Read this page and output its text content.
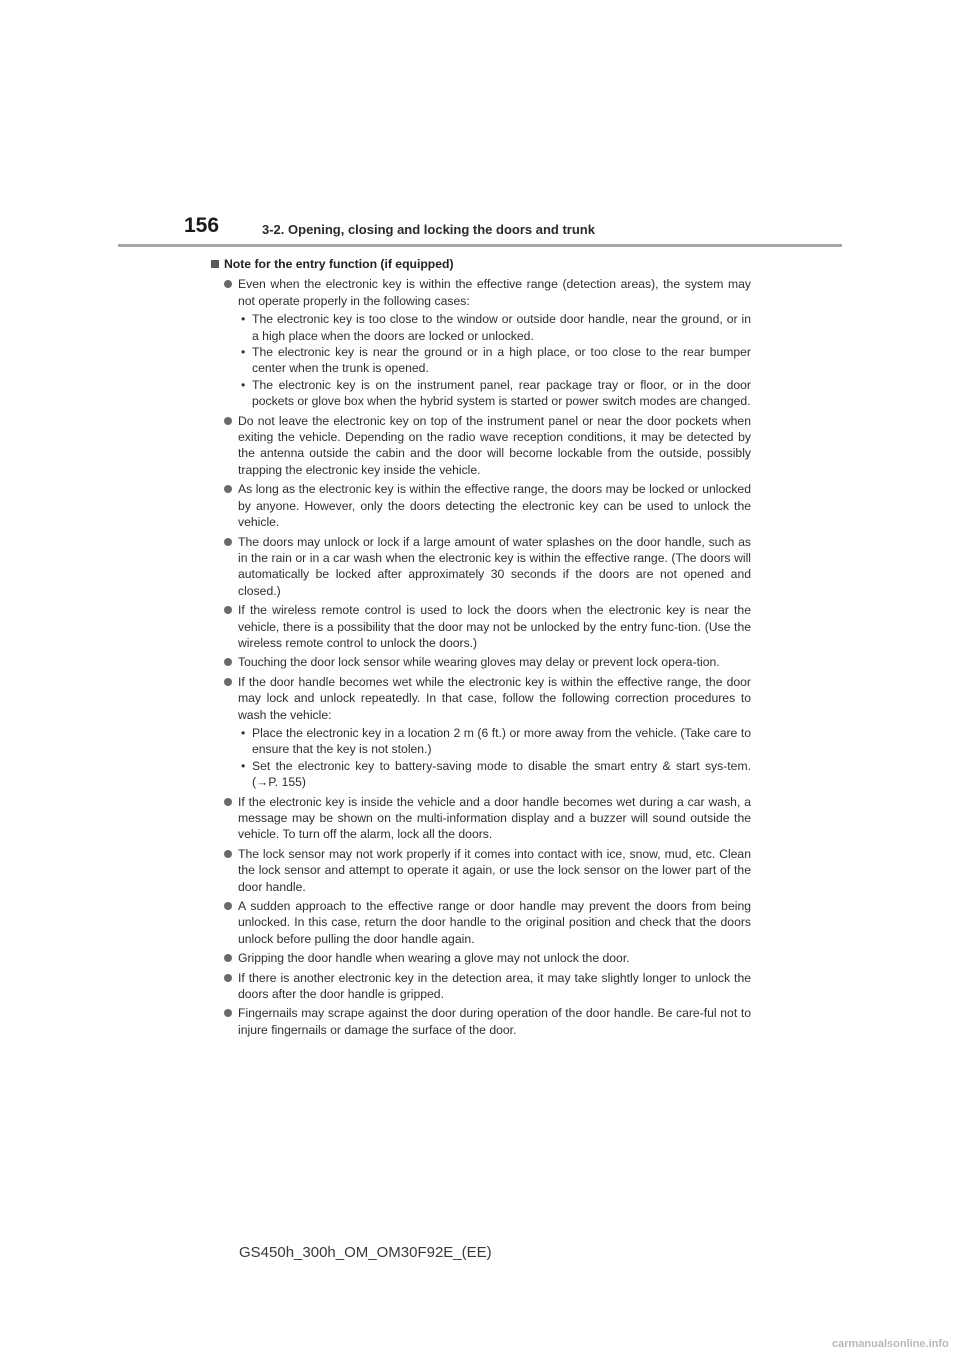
156	3-2. Opening, closing and locking the doors and trunk
Note for the entry function (if equipped)
Even when the electronic key is within the effective range (detection areas), the system may not operate properly in the following cases:
• The electronic key is too close to the window or outside door handle, near the ground, or in a high place when the doors are locked or unlocked.
• The electronic key is near the ground or in a high place, or too close to the rear bumper center when the trunk is opened.
• The electronic key is on the instrument panel, rear package tray or floor, or in the door pockets or glove box when the hybrid system is started or power switch modes are changed.
Do not leave the electronic key on top of the instrument panel or near the door pockets when exiting the vehicle. Depending on the radio wave reception conditions, it may be detected by the antenna outside the cabin and the door will become lockable from the outside, possibly trapping the electronic key inside the vehicle.
As long as the electronic key is within the effective range, the doors may be locked or unlocked by anyone. However, only the doors detecting the electronic key can be used to unlock the vehicle.
The doors may unlock or lock if a large amount of water splashes on the door handle, such as in the rain or in a car wash when the electronic key is within the effective range. (The doors will automatically be locked after approximately 30 seconds if the doors are not opened and closed.)
If the wireless remote control is used to lock the doors when the electronic key is near the vehicle, there is a possibility that the door may not be unlocked by the entry func-tion. (Use the wireless remote control to unlock the doors.)
Touching the door lock sensor while wearing gloves may delay or prevent lock opera-tion.
If the door handle becomes wet while the electronic key is within the effective range, the door may lock and unlock repeatedly. In that case, follow the following correction procedures to wash the vehicle:
• Place the electronic key in a location 2 m (6 ft.) or more away from the vehicle. (Take care to ensure that the key is not stolen.)
• Set the electronic key to battery-saving mode to disable the smart entry & start sys-tem. (→P. 155)
If the electronic key is inside the vehicle and a door handle becomes wet during a car wash, a message may be shown on the multi-information display and a buzzer will sound outside the vehicle. To turn off the alarm, lock all the doors.
The lock sensor may not work properly if it comes into contact with ice, snow, mud, etc. Clean the lock sensor and attempt to operate it again, or use the lock sensor on the lower part of the door handle.
A sudden approach to the effective range or door handle may prevent the doors from being unlocked. In this case, return the door handle to the original position and check that the doors unlock before pulling the door handle again.
Gripping the door handle when wearing a glove may not unlock the door.
If there is another electronic key in the detection area, it may take slightly longer to unlock the doors after the door handle is gripped.
Fingernails may scrape against the door during operation of the door handle. Be care-ful not to injure fingernails or damage the surface of the door.
GS450h_300h_OM_OM30F92E_(EE)
carmanualsonline.info
